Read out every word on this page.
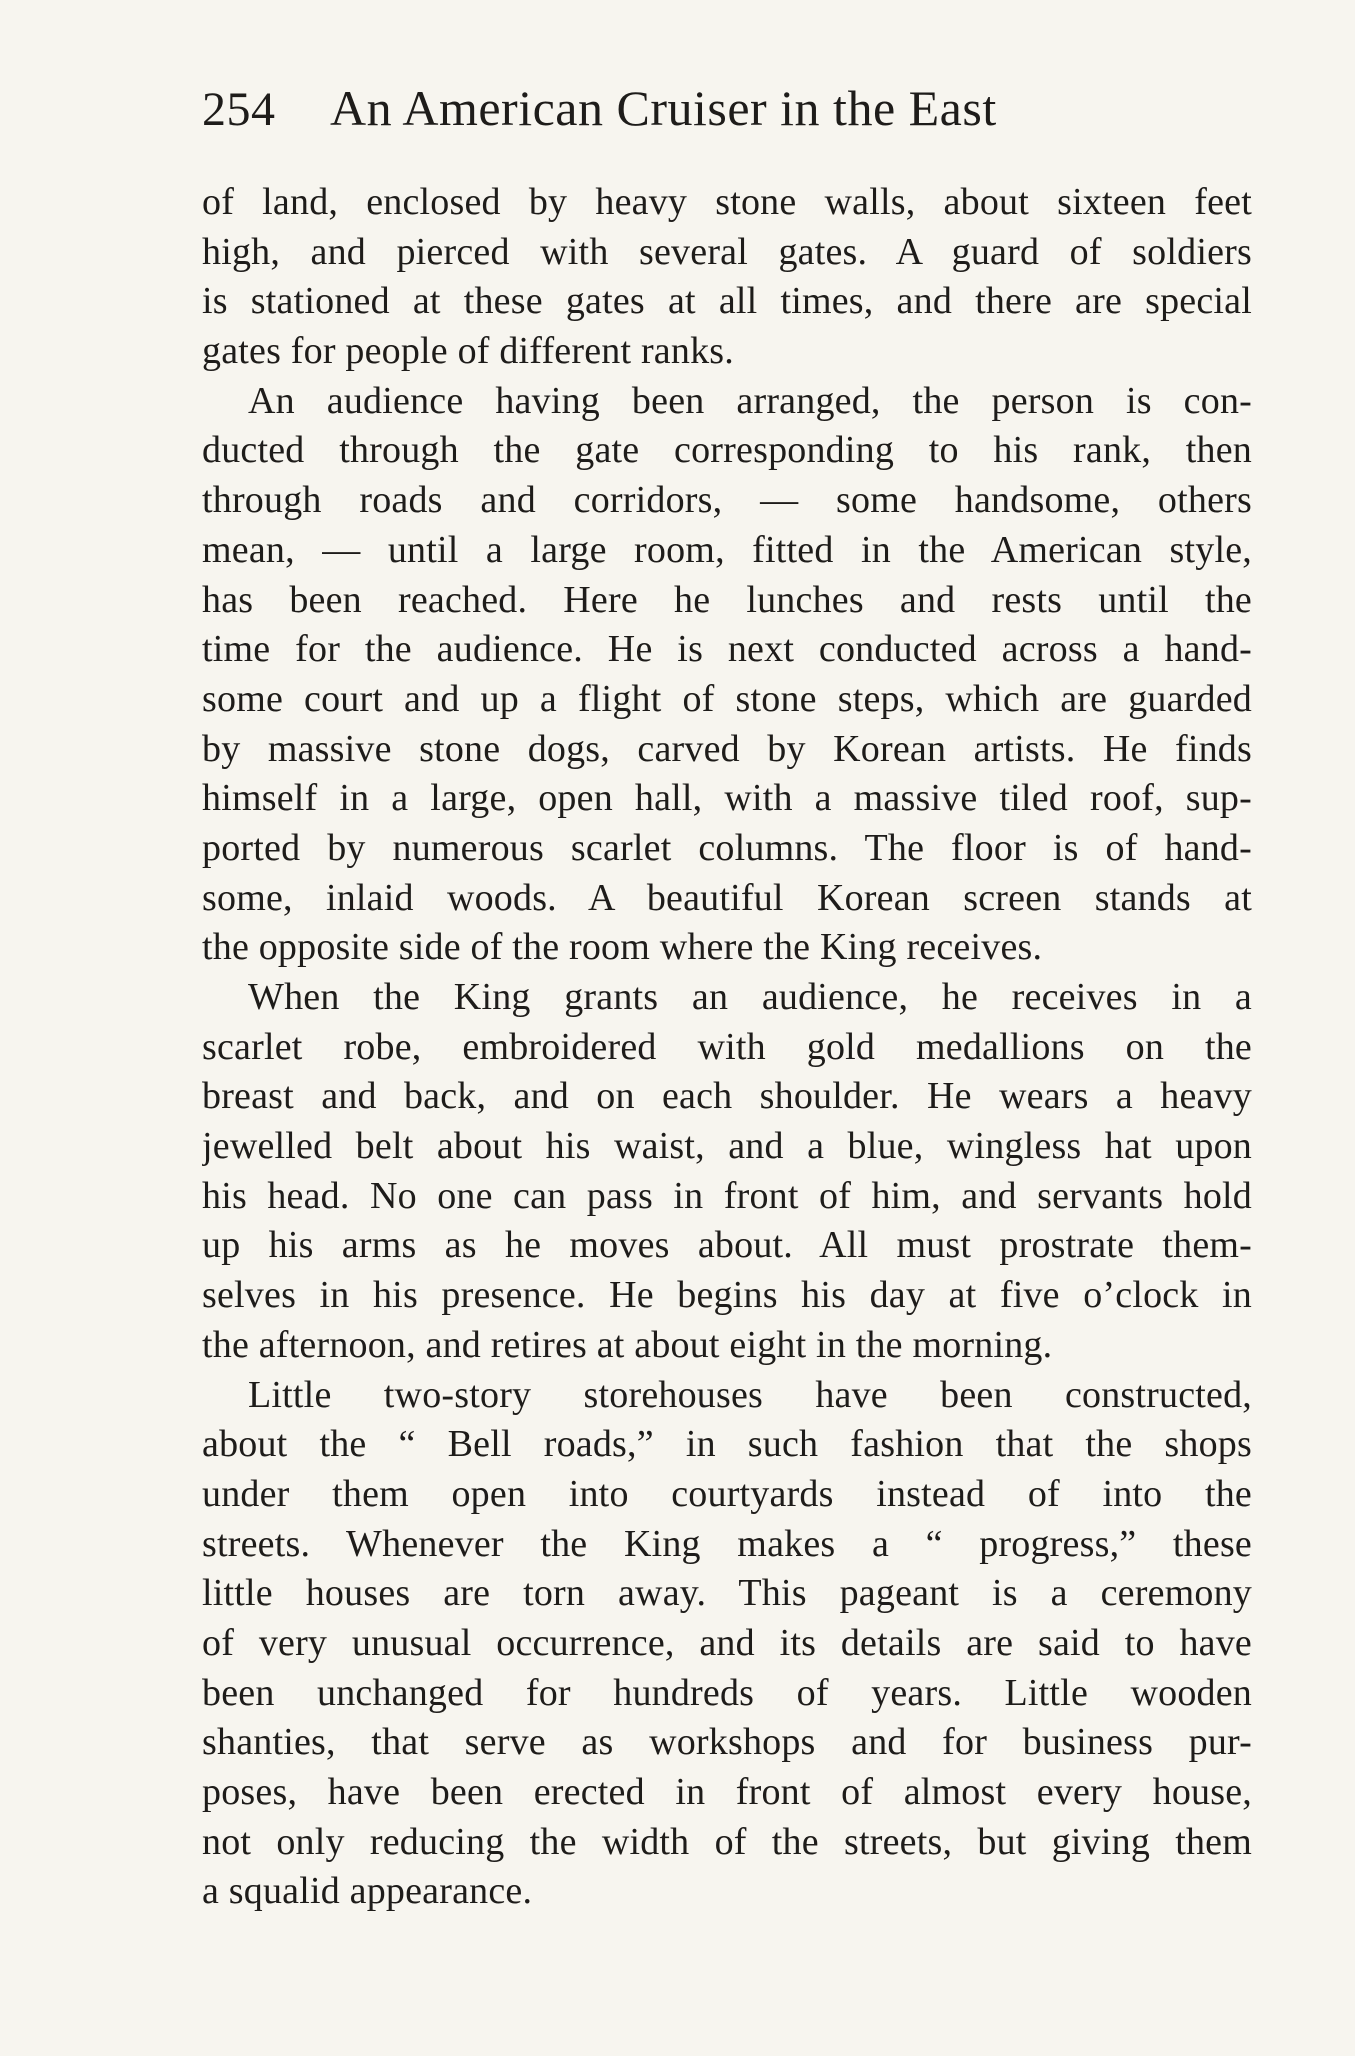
254 An American Cruiser in the East
of land, enclosed by heavy stone walls, about sixteen feet
high, and pierced with several gates. A guard of soldiers
is stationed at these gates at all times, and there are special
gates for people of different ranks.
An audience having been arranged, the person is con-
ducted through the gate corresponding to his rank, then
through roads and corridors, — some handsome, others
mean, — until a large room, fitted in the American style,
has been reached. Here he lunches and rests until the
time for the audience. He is next conducted across a hand-
some court and up a flight of stone steps, which are guarded
by massive stone dogs, carved by Korean artists. He finds
himself in a large, open hall, with a massive tiled roof, sup-
ported by numerous scarlet columns. The floor is of hand-
some, inlaid woods. A beautiful Korean screen stands at
the opposite side of the room where the King receives.
When the King grants an audience, he receives in a
scarlet robe, embroidered with gold medallions on the
breast and back, and on each shoulder. He wears a heavy
jewelled belt about his waist, and a blue, wingless hat upon
his head. No one can pass in front of him, and servants hold
up his arms as he moves about. All must prostrate them-
selves in his presence. He begins his day at five o’clock in
the afternoon, and retires at about eight in the morning.
Little two-story storehouses have been constructed,
about the “ Bell roads,” in such fashion that the shops
under them open into courtyards instead of into the
streets. Whenever the King makes a “ progress,” these
little houses are torn away. This pageant is a ceremony
of very unusual occurrence, and its details are said to have
been unchanged for hundreds of years. Little wooden
shanties, that serve as workshops and for business pur-
poses, have been erected in front of almost every house,
not only reducing the width of the streets, but giving them
a squalid appearance.
